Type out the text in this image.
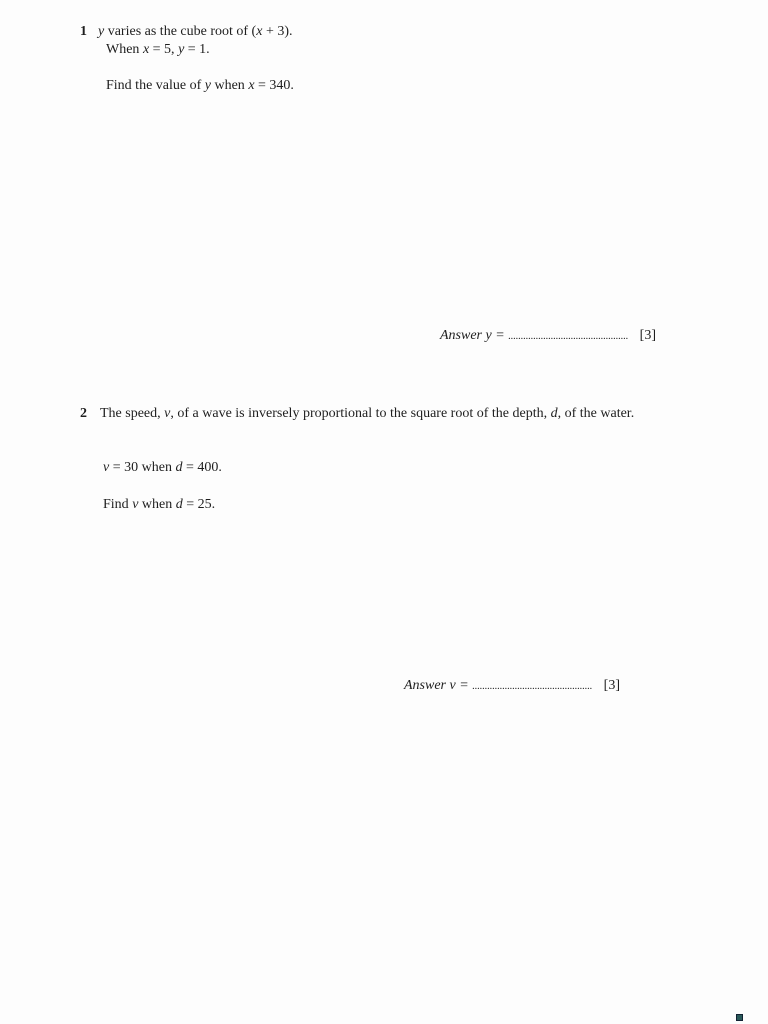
1 y varies as the cube root of (x + 3).
When x = 5, y = 1.
Find the value of y when x = 340.
Answer y = ................................................ [3]
2 The speed, v, of a wave is inversely proportional to the square root of the depth, d, of the water.
v = 30 when d = 400.
Find v when d = 25.
Answer v = ................................................ [3]
